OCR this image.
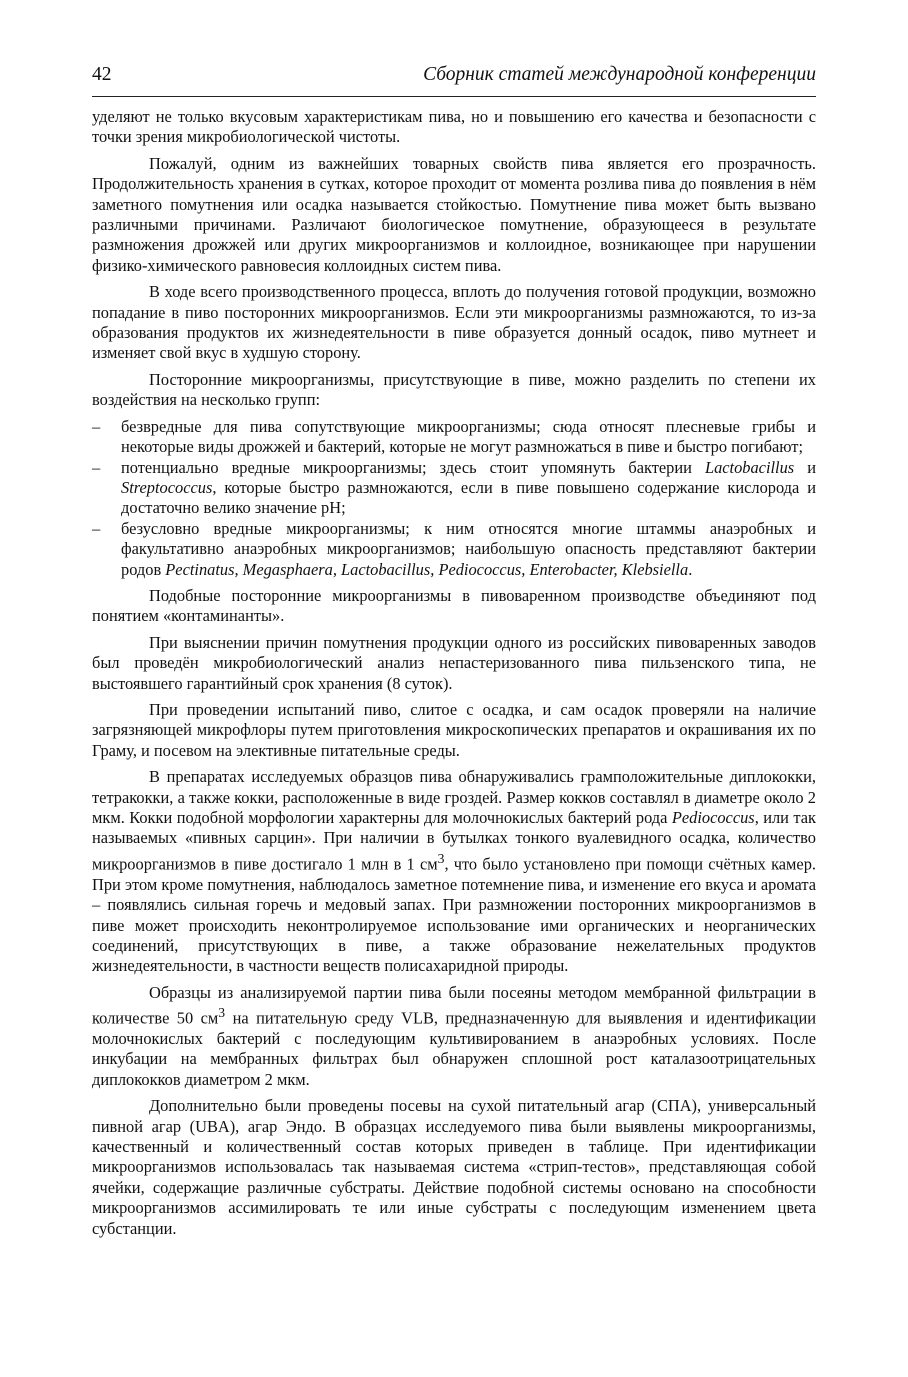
42	Сборник статей международной конференции

уделяют не только вкусовым характеристикам пива, но и повышению его качества и безопасности с точки зрения микробиологической чистоты.

Пожалуй, одним из важнейших товарных свойств пива является его прозрачность. Продолжительность хранения в сутках, которое проходит от момента розлива пива до появления в нём заметного помутнения или осадка называется стойкостью. Помутнение пива может быть вызвано различными причинами. Различают биологическое помутнение, образующееся в результате размножения дрожжей или других микроорганизмов и коллоидное, возникающее при нарушении физико-химического равновесия коллоидных систем пива.

В ходе всего производственного процесса, вплоть до получения готовой продукции, возможно попадание в пиво посторонних микроорганизмов. Если эти микроорганизмы размножаются, то из-за образования продуктов их жизнедеятельности в пиве образуется донный осадок, пиво мутнеет и изменяет свой вкус в худшую сторону.

Посторонние микроорганизмы, присутствующие в пиве, можно разделить по степени их воздействия на несколько групп:

– безвредные для пива сопутствующие микроорганизмы; сюда относят плесневые грибы и некоторые виды дрожжей и бактерий, которые не могут размножаться в пиве и быстро погибают;
– потенциально вредные микроорганизмы; здесь стоит упомянуть бактерии Lactobacillus и Streptococcus, которые быстро размножаются, если в пиве повышено содержание кислорода и достаточно велико значение pH;
– безусловно вредные микроорганизмы; к ним относятся многие штаммы анаэробных и факультативно анаэробных микроорганизмов; наибольшую опасность представляют бактерии родов Pectinatus, Megasphaera, Lactobacillus, Pediococcus, Enterobacter, Klebsiella.

Подобные посторонние микроорганизмы в пивоваренном производстве объединяют под понятием «контаминанты».

При выяснении причин помутнения продукции одного из российских пивоваренных заводов был проведён микробиологический анализ непастеризованного пива пильзенского типа, не выстоявшего гарантийный срок хранения (8 суток).

При проведении испытаний пиво, слитое с осадка, и сам осадок проверяли на наличие загрязняющей микрофлоры путем приготовления микроскопических препаратов и окрашивания их по Граму, и посевом на элективные питательные среды.

В препаратах исследуемых образцов пива обнаруживались грамположительные диплококки, тетракокки, а также кокки, расположенные в виде гроздей. Размер кокков составлял в диаметре около 2 мкм. Кокки подобной морфологии характерны для молочнокислых бактерий рода Pediococcus, или так называемых «пивных сарцин». При наличии в бутылках тонкого вуалевидного осадка, количество микроорганизмов в пиве достигало 1 млн в 1 $см^3$, что было установлено при помощи счётных камер. При этом кроме помутнения, наблюдалось заметное потемнение пива, и изменение его вкуса и аромата – появлялись сильная горечь и медовый запах. При размножении посторонних микроорганизмов в пиве может происходить неконтролируемое использование ими органических и неорганических соединений, присутствующих в пиве, а также образование нежелательных продуктов жизнедеятельности, в частности веществ полисахаридной природы.

Образцы из анализируемой партии пива были посеяны методом мембранной фильтрации в количестве 50 $см^3$ на питательную среду VLB, предназначенную для выявления и идентификации молочнокислых бактерий с последующим культивированием в анаэробных условиях. После инкубации на мембранных фильтрах был обнаружен сплошной рост каталазоотрицательных диплококков диаметром 2 мкм.

Дополнительно были проведены посевы на сухой питательный агар (СПА), универсальный пивной агар (UBA), агар Эндо. В образцах исследуемого пива были выявлены микроорганизмы, качественный и количественный состав которых приведен в таблице. При идентификации микроорганизмов использовалась так называемая система «стрип-тестов», представляющая собой ячейки, содержащие различные субстраты. Действие подобной системы основано на способности микроорганизмов ассимилировать те или иные субстраты с последующим изменением цвета субстанции.
